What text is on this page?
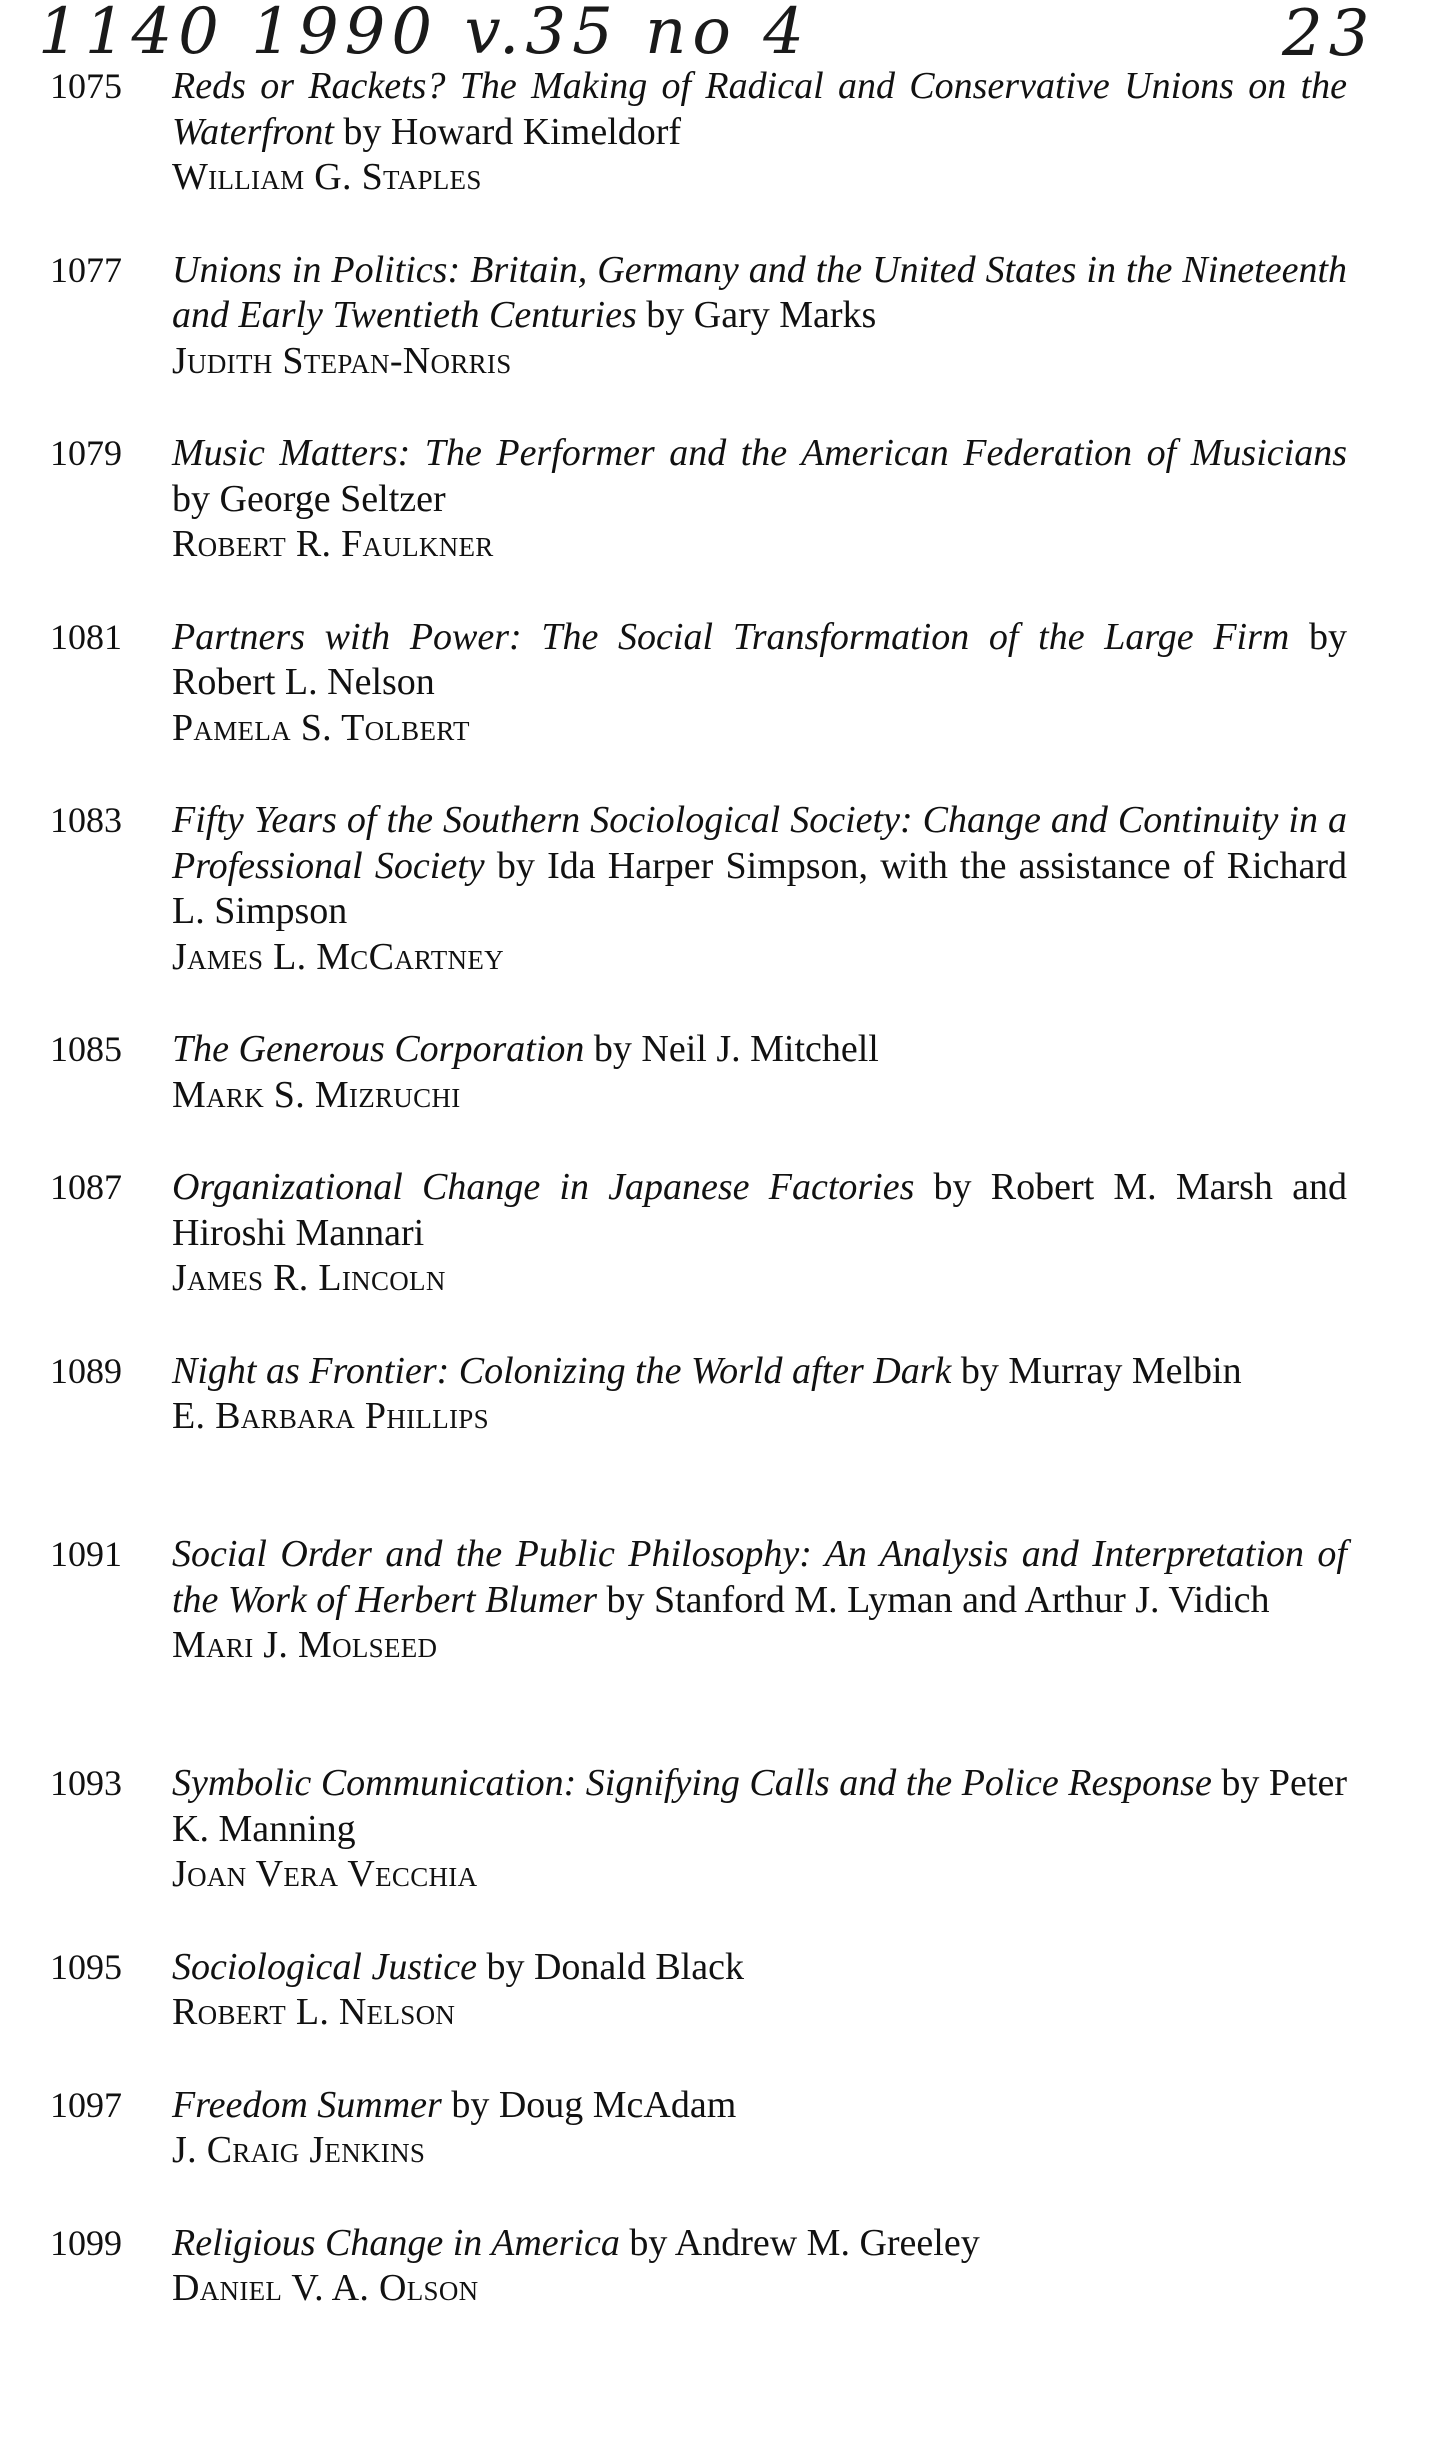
1140 1990 v.35 no 4	23
1075 Reds or Rackets? The Making of Radical and Conservative Unions on the Waterfront by Howard Kimeldorf

William G. Staples

1077 Unions in Politics: Britain, Germany and the United States in the Nineteenth and Early Twentieth Centuries by Gary Marks

Judith Stepan-Norris

1079 Music Matters: The Performer and the American Federation of Musicians by George Seltzer

Robert R. Faulkner

1081 Partners with Power: The Social Transformation of the Large Firm by Robert L. Nelson

Pamela S. Tolbert

1083 Fifty Years of the Southern Sociological Society: Change and Continuity in a Professional Society by Ida Harper Simpson, with the assistance of Richard L. Simpson

James L. McCartney

1085 The Generous Corporation by Neil J. Mitchell

Mark S. Mizruchi

1087 Organizational Change in Japanese Factories by Robert M. Marsh and Hiroshi Mannari

James R. Lincoln

1089 Night as Frontier: Colonizing the World after Dark by Murray Melbin

E. Barbara Phillips

1091 Social Order and the Public Philosophy: An Analysis and Interpretation of the Work of Herbert Blumer by Stanford M. Lyman and Arthur J. Vidich

Mari J. Molseed

1093 Symbolic Communication: Signifying Calls and the Police Response by Peter K. Manning

Joan Vera Vecchia

1095 Sociological Justice by Donald Black

Robert L. Nelson

1097 Freedom Summer by Doug McAdam

J. Craig Jenkins

1099 Religious Change in America by Andrew M. Greeley

Daniel V. A. Olson
